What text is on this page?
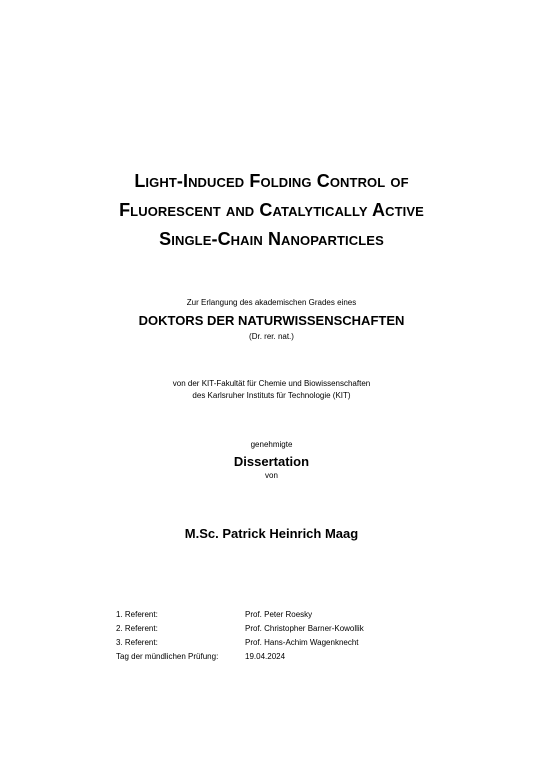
Light-Induced Folding Control of
Fluorescent and Catalytically Active
Single-Chain Nanoparticles
Zur Erlangung des akademischen Grades eines
DOKTORS DER NATURWISSENSCHAFTEN
(Dr. rer. nat.)
von der KIT-Fakultät für Chemie und Biowissenschaften
des Karlsruher Instituts für Technologie (KIT)
genehmigte
Dissertation
von
M.Sc. Patrick Heinrich Maag
1. Referent:	Prof. Peter Roesky
2. Referent:	Prof. Christopher Barner-Kowollik
3. Referent:	Prof. Hans-Achim Wagenknecht
Tag der mündlichen Prüfung:	19.04.2024
